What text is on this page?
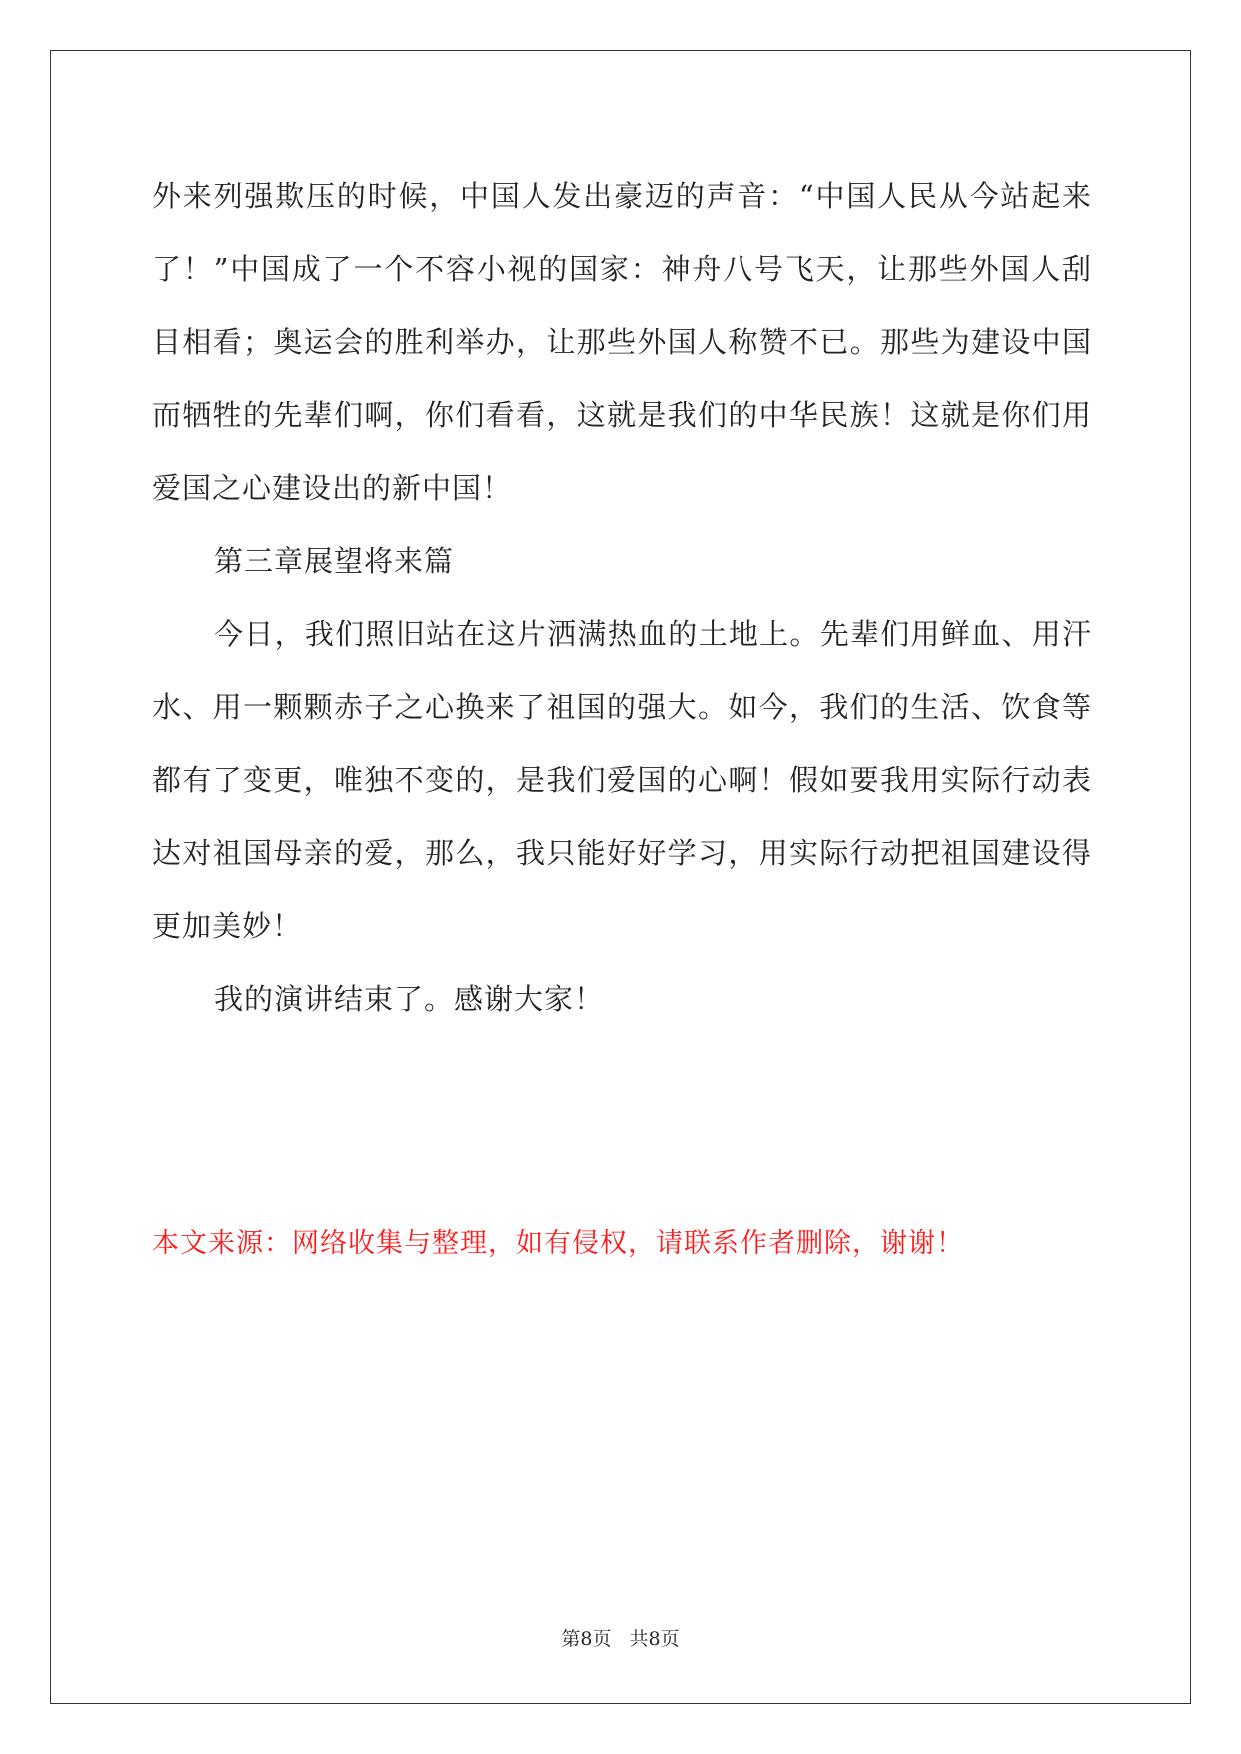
外来列强欺压的时候，中国人发出豪迈的声音：“中国人民从今站起来了！”中国成了一个不容小视的国家：神舟八号飞天，让那些外国人刮目相看；奥运会的胜利举办，让那些外国人称赞不已。那些为建设中国而牺牲的先辈们啊，你们看看，这就是我们的中华民族！这就是你们用爱国之心建设出的新中国！

第三章展望将来篇

今日，我们照旧站在这片洒满热血的土地上。先辈们用鲜血、用汗水、用一颗颗赤子之心换来了祖国的强大。如今，我们的生活、饮食等都有了变更，唯独不变的，是我们爱国的心啊！假如要我用实际行动表达对祖国母亲的爱，那么，我只能好好学习，用实际行动把祖国建设得更加美妙！

我的演讲结束了。感谢大家！

本文来源：网络收集与整理，如有侵权，请联系作者删除，谢谢！
第8页 共8页
